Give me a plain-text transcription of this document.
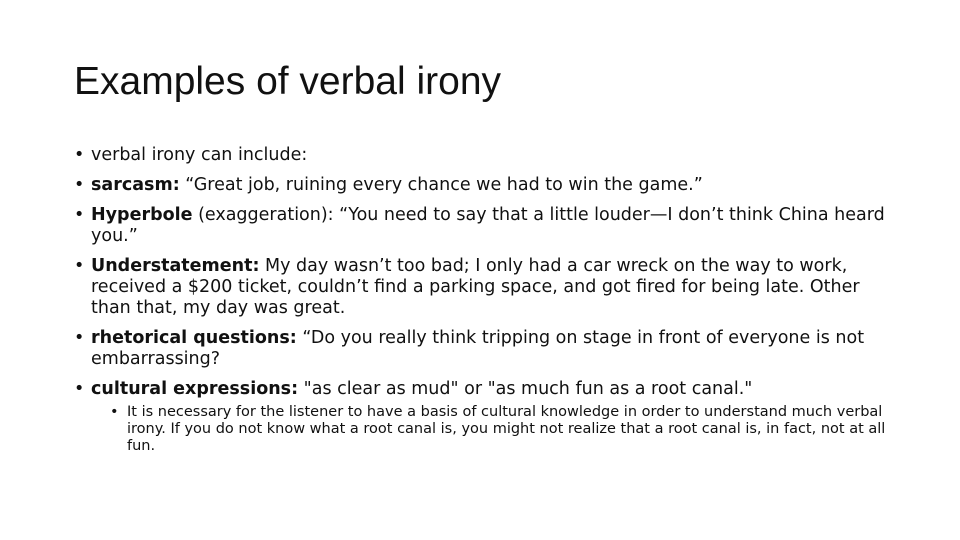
Examples of verbal irony
• verbal irony can include:
• sarcasm: “Great job, ruining every chance we had to win the game.”
• Hyperbole (exaggeration): “You need to say that a little louder—I don’t think China heard you.”
• Understatement: My day wasn’t too bad; I only had a car wreck on the way to work, received a $200 ticket, couldn’t find a parking space, and got fired for being late. Other than that, my day was great.
• rhetorical questions: “Do you really think tripping on stage in front of everyone is not embarrassing?
• cultural expressions: "as clear as mud" or "as much fun as a root canal."
• It is necessary for the listener to have a basis of cultural knowledge in order to understand much verbal irony. If you do not know what a root canal is, you might not realize that a root canal is, in fact, not at all fun.
